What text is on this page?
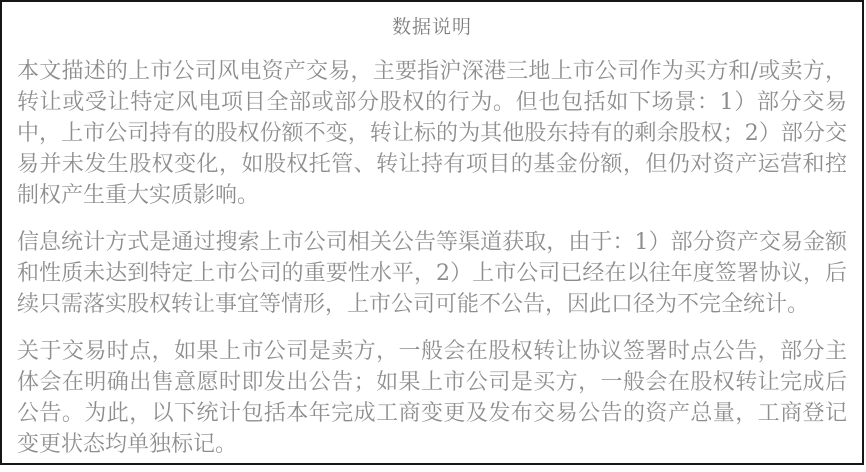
数据说明

本文描述的上市公司风电资产交易，主要指沪深港三地上市公司作为买方和/或卖方，转让或受让特定风电项目全部或部分股权的行为。但也包括如下场景：1）部分交易中，上市公司持有的股权份额不变，转让标的为其他股东持有的剩余股权；2）部分交易并未发生股权变化，如股权托管、转让持有项目的基金份额，但仍对资产运营和控制权产生重大实质影响。

信息统计方式是通过搜索上市公司相关公告等渠道获取，由于：1）部分资产交易金额和性质未达到特定上市公司的重要性水平，2）上市公司已经在以往年度签署协议，后续只需落实股权转让事宜等情形，上市公司可能不公告，因此口径为不完全统计。

关于交易时点，如果上市公司是卖方，一般会在股权转让协议签署时点公告，部分主体会在明确出售意愿时即发出公告；如果上市公司是买方，一般会在股权转让完成后公告。为此，以下统计包括本年完成工商变更及发布交易公告的资产总量，工商登记变更状态均单独标记。
